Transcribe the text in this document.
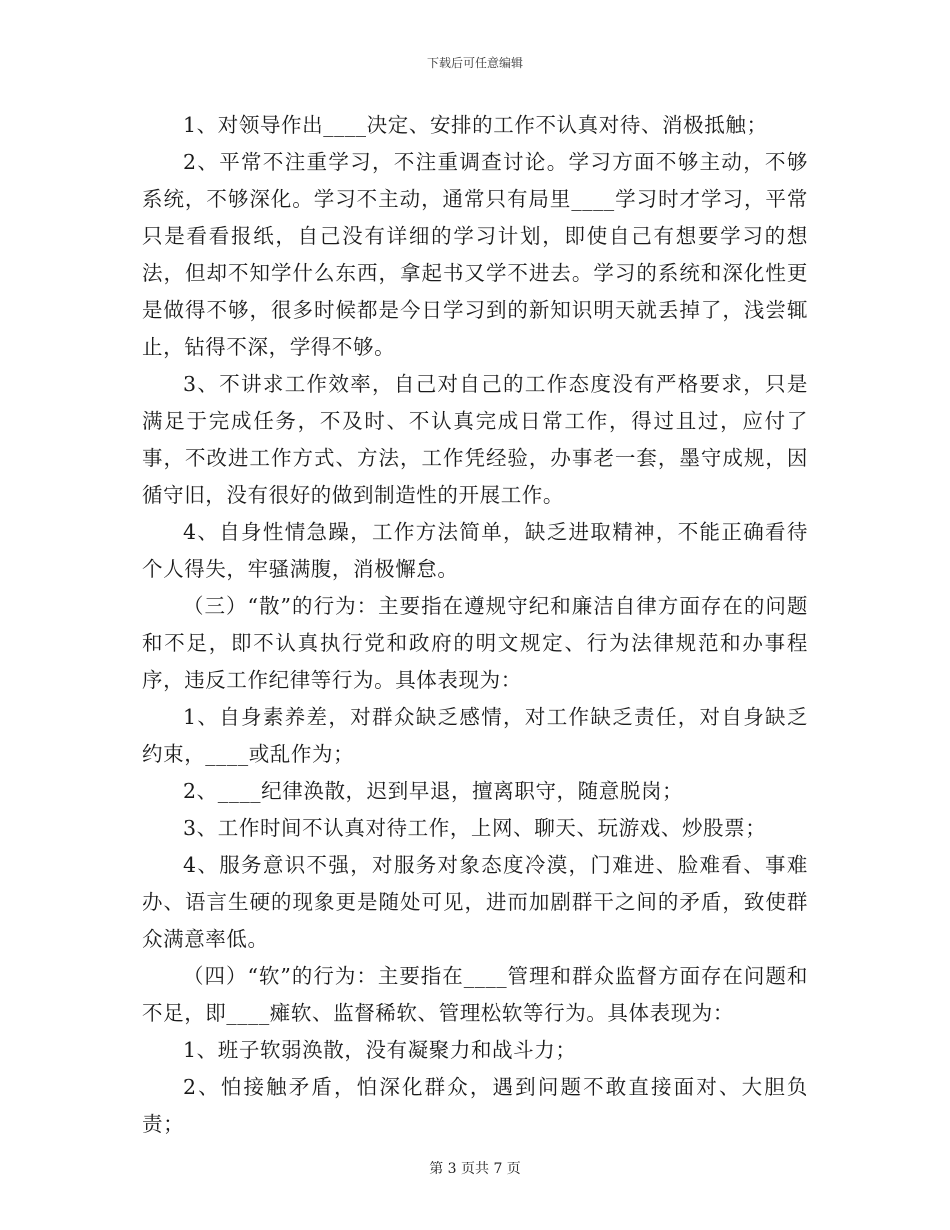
下载后可任意编辑

1、对领导作出____决定、安排的工作不认真对待、消极抵触；

2、平常不注重学习，不注重调查讨论。学习方面不够主动，不够系统，不够深化。学习不主动，通常只有局里____学习时才学习，平常只是看看报纸，自己没有详细的学习计划，即使自己有想要学习的想法，但却不知学什么东西，拿起书又学不进去。学习的系统和深化性更是做得不够，很多时候都是今日学习到的新知识明天就丢掉了，浅尝辄止，钻得不深，学得不够。

3、不讲求工作效率，自己对自己的工作态度没有严格要求，只是满足于完成任务，不及时、不认真完成日常工作，得过且过，应付了事，不改进工作方式、方法，工作凭经验，办事老一套，墨守成规，因循守旧，没有很好的做到制造性的开展工作。

4、自身性情急躁，工作方法简单，缺乏进取精神，不能正确看待个人得失，牢骚满腹，消极懈怠。

（三）“散”的行为：主要指在遵规守纪和廉洁自律方面存在的问题和不足，即不认真执行党和政府的明文规定、行为法律规范和办事程序，违反工作纪律等行为。具体表现为：

1、自身素养差，对群众缺乏感情，对工作缺乏责任，对自身缺乏约束，____或乱作为；

2、____纪律涣散，迟到早退，擅离职守，随意脱岗；

3、工作时间不认真对待工作，上网、聊天、玩游戏、炒股票；

4、服务意识不强，对服务对象态度冷漠，门难进、脸难看、事难办、语言生硬的现象更是随处可见，进而加剧群干之间的矛盾，致使群众满意率低。

（四）“软”的行为：主要指在____管理和群众监督方面存在问题和不足，即____瘫软、监督稀软、管理松软等行为。具体表现为：

1、班子软弱涣散，没有凝聚力和战斗力；

2、怕接触矛盾，怕深化群众，遇到问题不敢直接面对、大胆负责；

第 3 页共 7 页
